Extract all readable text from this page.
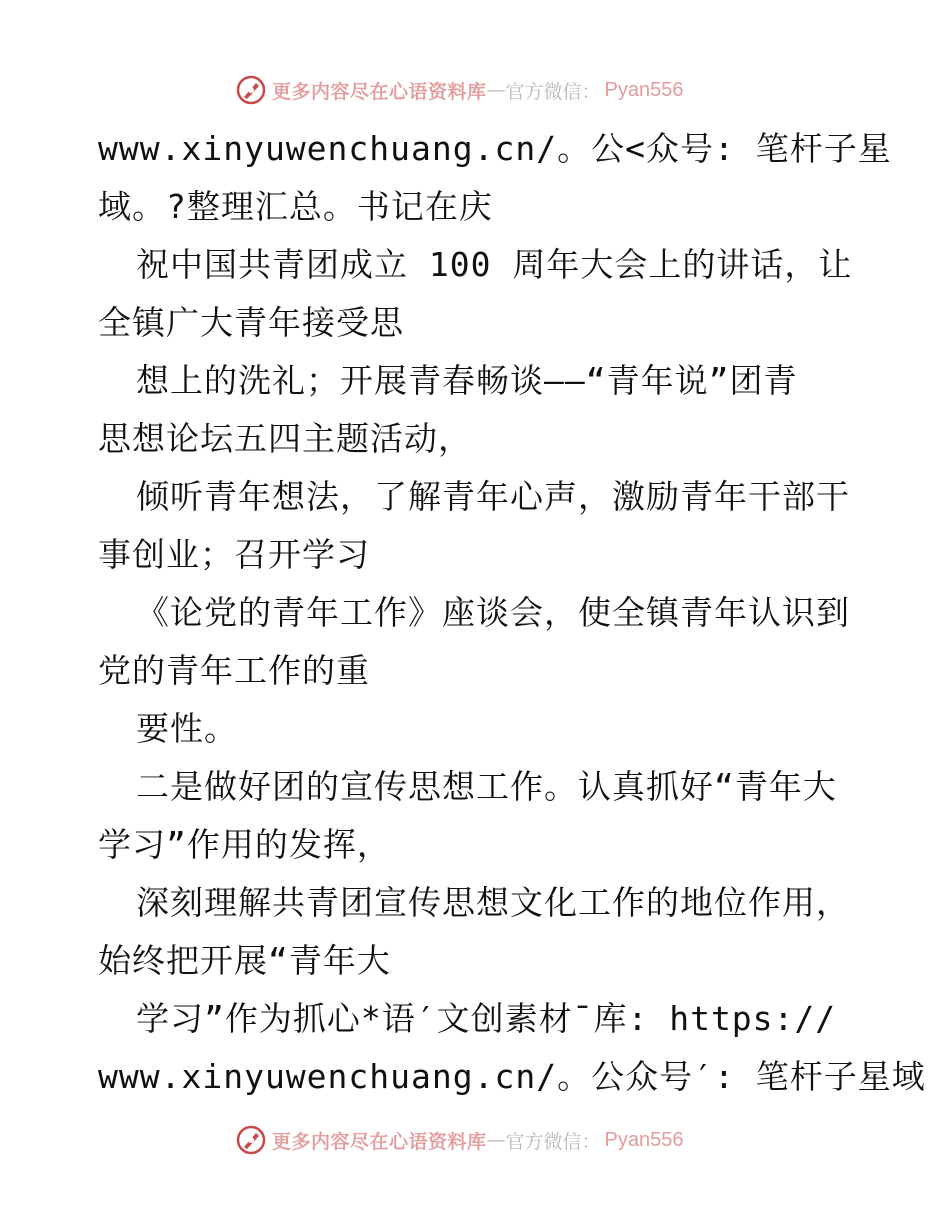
更多内容尽在心语资料库 — 官方微信： Pyan556
www.xinyuwenchuang.cn/。公<众号: 笔杆子星
域。?整理汇总。书记在庆
祝中国共青团成立 100 周年大会上的讲话，让
全镇广大青年接受思
想上的洗礼；开展青春畅谈——“青年说”团青
思想论坛五四主题活动，
倾听青年想法，了解青年心声，激励青年干部干
事创业；召开学习
《论党的青年工作》座谈会，使全镇青年认识到
党的青年工作的重
要性。
二是做好团的宣传思想工作。认真抓好“青年大
学习”作用的发挥，
深刻理解共青团宣传思想文化工作的地位作用，
始终把开展“青年大
学习”作为抓心*语′文创素材¯库: https://
www.xinyuwenchuang.cn/。公众号′: 笔杆子星域
更多内容尽在心语资料库 — 官方微信： Pyan556
